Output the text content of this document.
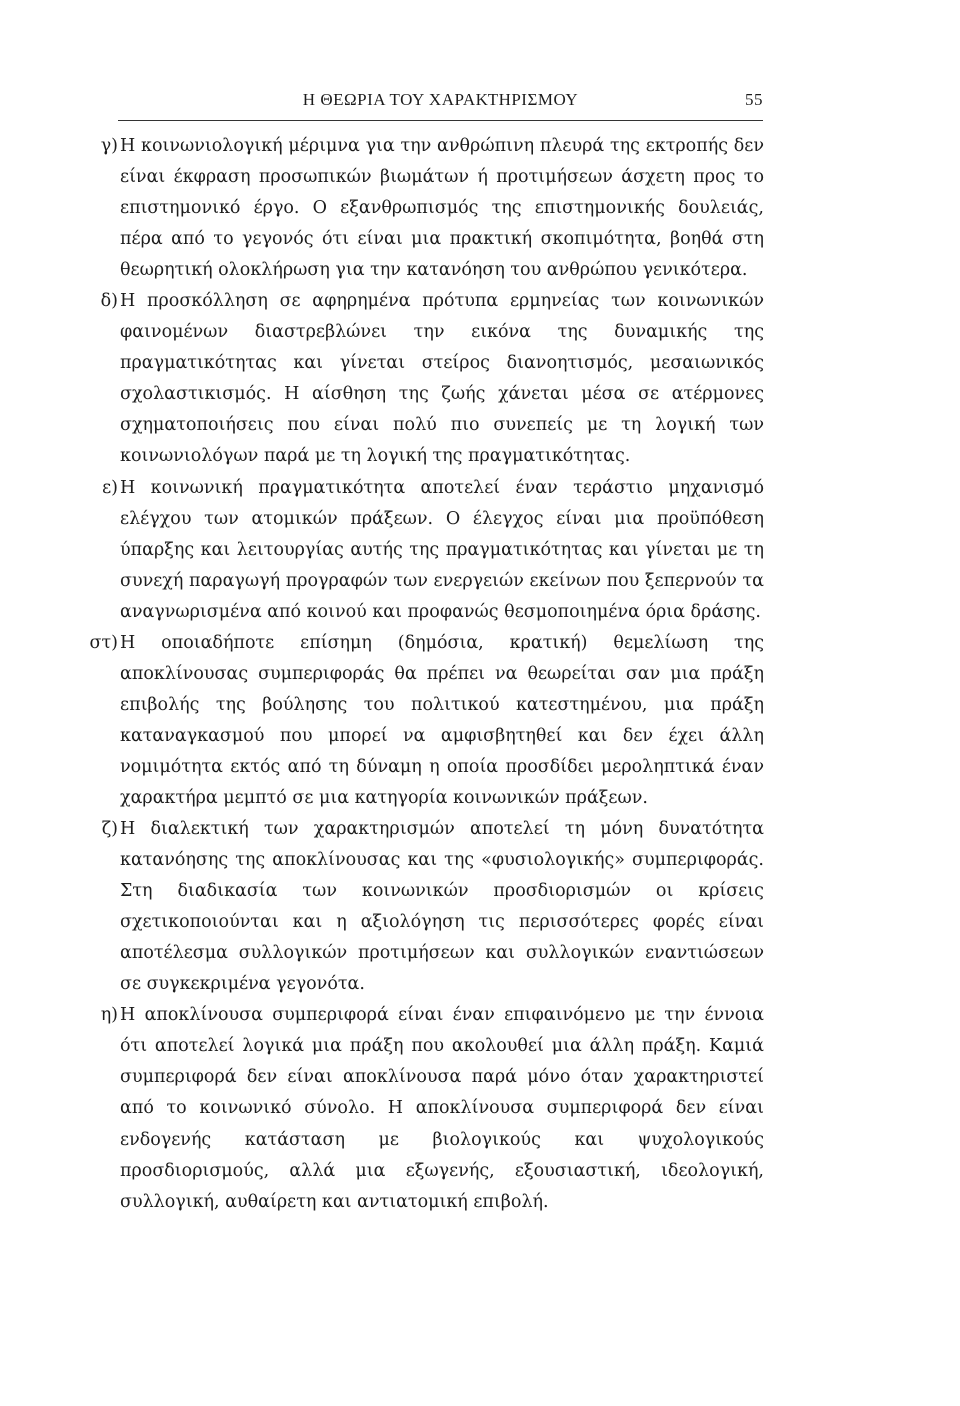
Η ΘΕΩΡΙΑ ΤΟΥ ΧΑΡΑΚΤΗΡΙΣΜΟΥ	55
γ) Η κοινωνιολογική μέριμνα για την ανθρώπινη πλευρά της εκτροπής δεν είναι έκφραση προσωπικών βιωμάτων ή προτιμήσεων άσχετη προς το επιστημονικό έργο. Ο εξανθρωπισμός της επιστημονικής δουλειάς, πέρα από το γεγονός ότι είναι μια πρακτική σκοπιμότητα, βοηθά στη θεωρητική ολοκλήρωση για την κατανόηση του ανθρώπου γενικότερα.
δ) Η προσκόλληση σε αφηρημένα πρότυπα ερμηνείας των κοινωνικών φαινομένων διαστρεβλώνει την εικόνα της δυναμικής της πραγματικότητας και γίνεται στείρος διανοητισμός, μεσαιωνικός σχολαστικισμός. Η αίσθηση της ζωής χάνεται μέσα σε ατέρμονες σχηματοποιήσεις που είναι πολύ πιο συνεπείς με τη λογική των κοινωνιολόγων παρά με τη λογική της πραγματικότητας.
ε) Η κοινωνική πραγματικότητα αποτελεί έναν τεράστιο μηχανισμό ελέγχου των ατομικών πράξεων. Ο έλεγχος είναι μια προϋπόθεση ύπαρξης και λειτουργίας αυτής της πραγματικότητας και γίνεται με τη συνεχή παραγωγή προγραφών των ενεργειών εκείνων που ξεπερνούν τα αναγνωρισμένα από κοινού και προφανώς θεσμοποιημένα όρια δράσης.
στ) Η οποιαδήποτε επίσημη (δημόσια, κρατική) θεμελίωση της αποκλίνουσας συμπεριφοράς θα πρέπει να θεωρείται σαν μια πράξη επιβολής της βούλησης του πολιτικού κατεστημένου, μια πράξη καταναγκασμού που μπορεί να αμφισβητηθεί και δεν έχει άλλη νομιμότητα εκτός από τη δύναμη η οποία προσδίδει μεροληπτικά έναν χαρακτήρα μεμπτό σε μια κατηγορία κοινωνικών πράξεων.
ζ) Η διαλεκτική των χαρακτηρισμών αποτελεί τη μόνη δυνατότητα κατανόησης της αποκλίνουσας και της «φυσιολογικής» συμπεριφοράς. Στη διαδικασία των κοινωνικών προσδιορισμών οι κρίσεις σχετικοποιούνται και η αξιολόγηση τις περισσότερες φορές είναι αποτέλεσμα συλλογικών προτιμήσεων και συλλογικών εναντιώσεων σε συγκεκριμένα γεγονότα.
η) Η αποκλίνουσα συμπεριφορά είναι έναν επιφαινόμενο με την έννοια ότι αποτελεί λογικά μια πράξη που ακολουθεί μια άλλη πράξη. Καμιά συμπεριφορά δεν είναι αποκλίνουσα παρά μόνο όταν χαρακτηριστεί από το κοινωνικό σύνολο. Η αποκλίνουσα συμπεριφορά δεν είναι ενδογενής κατάσταση με βιολογικούς και ψυχολογικούς προσδιορισμούς, αλλά μια εξωγενής, εξουσιαστική, ιδεολογική, συλλογική, αυθαίρετη και αντιατομική επιβολή.
